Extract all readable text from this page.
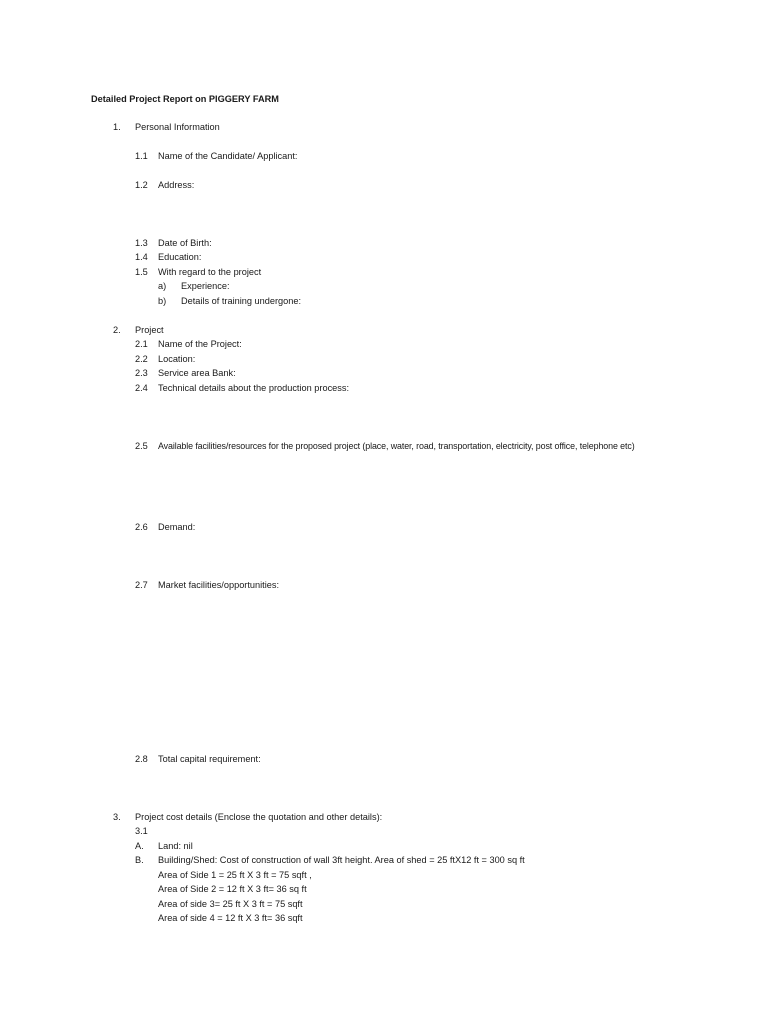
Detailed Project Report on PIGGERY FARM
1. Personal Information
1.1 Name of the Candidate/ Applicant:
1.2 Address:
1.3 Date of Birth:
1.4 Education:
1.5 With regard to the project
a) Experience:
b) Details of training undergone:
2. Project
2.1 Name of the Project:
2.2 Location:
2.3 Service area Bank:
2.4 Technical details about the production process:
2.5 Available facilities/resources for the proposed project (place, water, road, transportation, electricity, post office, telephone etc)
2.6 Demand:
2.7 Market facilities/opportunities:
2.8 Total capital requirement:
3. Project cost details (Enclose the quotation and other details):
3.1
A. Land: nil
B. Building/Shed: Cost of construction of wall 3ft height. Area of shed = 25 ftX12 ft = 300 sq ft
Area of Side 1 = 25 ft X 3 ft = 75 sqft ,
Area of Side 2 = 12 ft X 3 ft= 36 sq ft
Area of side 3= 25 ft X 3 ft = 75 sqft
Area of side 4 = 12 ft X 3 ft= 36 sqft
